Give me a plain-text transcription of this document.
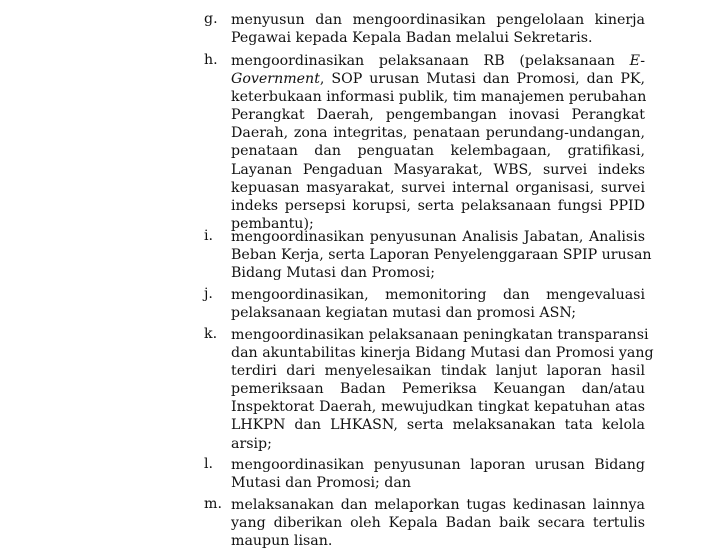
g. menyusun dan mengoordinasikan pengelolaan kinerja
Pegawai kepada Kepala Badan melalui Sekretaris.
h. mengoordinasikan pelaksanaan RB (pelaksanaan E-
Government, SOP urusan Mutasi dan Promosi, dan PK,
keterbukaan informasi publik, tim manajemen perubahan
Perangkat Daerah, pengembangan inovasi Perangkat
Daerah, zona integritas, penataan perundang-undangan,
penataan dan penguatan kelembagaan, gratifikasi,
Layanan Pengaduan Masyarakat, WBS, survei indeks
kepuasan masyarakat, survei internal organisasi, survei
indeks persepsi korupsi, serta pelaksanaan fungsi PPID
pembantu);
i.	mengoordinasikan penyusunan Analisis Jabatan, Analisis
Beban Kerja, serta Laporan Penyelenggaraan SPIP urusan
Bidang Mutasi dan Promosi;
j.	mengoordinasikan, memonitoring dan mengevaluasi
pelaksanaan kegiatan mutasi dan promosi ASN;
k. mengoordinasikan pelaksanaan peningkatan transparansi
dan akuntabilitas kinerja Bidang Mutasi dan Promosi yang
terdiri dari menyelesaikan tindak lanjut laporan hasil
pemeriksaan Badan Pemeriksa Keuangan dan/atau
Inspektorat Daerah, mewujudkan tingkat kepatuhan atas
LHKPN dan LHKASN, serta melaksanakan tata kelola
arsip;
l.	mengoordinasikan penyusunan laporan urusan Bidang
Mutasi dan Promosi; dan
m. melaksanakan dan melaporkan tugas kedinasan lainnya
yang diberikan oleh Kepala Badan baik secara tertulis
maupun lisan.
